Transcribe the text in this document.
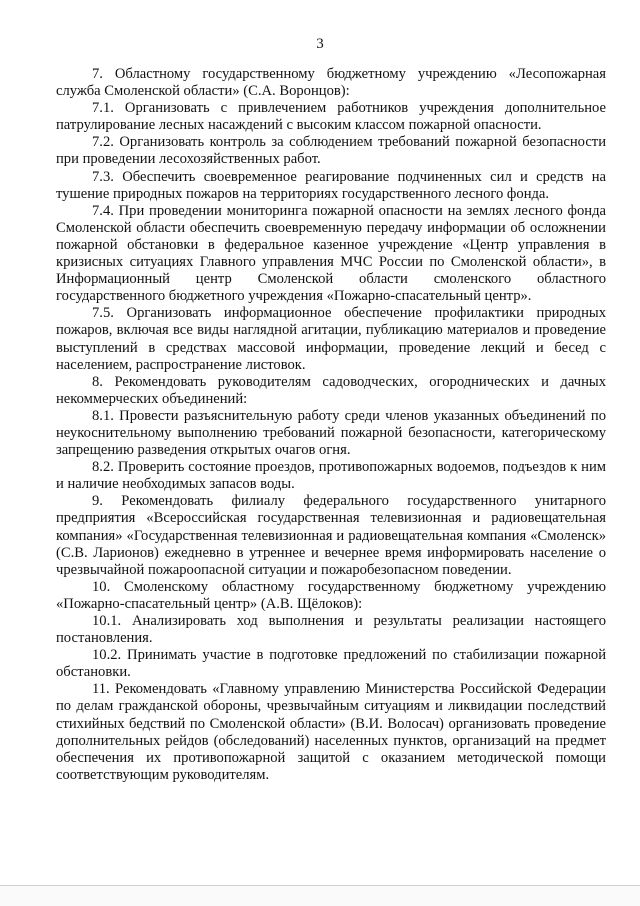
3

7. Областному государственному бюджетному учреждению «Лесопожарная служба Смоленской области» (С.А. Воронцов):

7.1. Организовать с привлечением работников учреждения дополнительное патрулирование лесных насаждений с высоким классом пожарной опасности.

7.2. Организовать контроль за соблюдением требований пожарной безопасности при проведении лесохозяйственных работ.

7.3. Обеспечить своевременное реагирование подчиненных сил и средств на тушение природных пожаров на территориях государственного лесного фонда.

7.4. При проведении мониторинга пожарной опасности на землях лесного фонда Смоленской области обеспечить своевременную передачу информации об осложнении пожарной обстановки в федеральное казенное учреждение «Центр управления в кризисных ситуациях Главного управления МЧС России по Смоленской области», в Информационный центр Смоленской области смоленского областного государственного бюджетного учреждения «Пожарно-спасательный центр».

7.5. Организовать информационное обеспечение профилактики природных пожаров, включая все виды наглядной агитации, публикацию материалов и проведение выступлений в средствах массовой информации, проведение лекций и бесед с населением, распространение листовок.

8. Рекомендовать руководителям садоводческих, огороднических и дачных некоммерческих объединений:

8.1. Провести разъяснительную работу среди членов указанных объединений по неукоснительному выполнению требований пожарной безопасности, категорическому запрещению разведения открытых очагов огня.

8.2. Проверить состояние проездов, противопожарных водоемов, подъездов к ним и наличие необходимых запасов воды.

9. Рекомендовать филиалу федерального государственного унитарного предприятия «Всероссийская государственная телевизионная и радиовещательная компания» «Государственная телевизионная и радиовещательная компания «Смоленск» (С.В. Ларионов) ежедневно в утреннее и вечернее время информировать население о чрезвычайной пожароопасной ситуации и пожаробезопасном поведении.

10. Смоленскому областному государственному бюджетному учреждению «Пожарно-спасательный центр» (А.В. Щёлоков):

10.1. Анализировать ход выполнения и результаты реализации настоящего постановления.

10.2. Принимать участие в подготовке предложений по стабилизации пожарной обстановки.

11. Рекомендовать «Главному управлению Министерства Российской Федерации по делам гражданской обороны, чрезвычайным ситуациям и ликвидации последствий стихийных бедствий по Смоленской области» (В.И. Волосач) организовать проведение дополнительных рейдов (обследований) населенных пунктов, организаций на предмет обеспечения их противопожарной защитой с оказанием методической помощи соответствующим руководителям.
